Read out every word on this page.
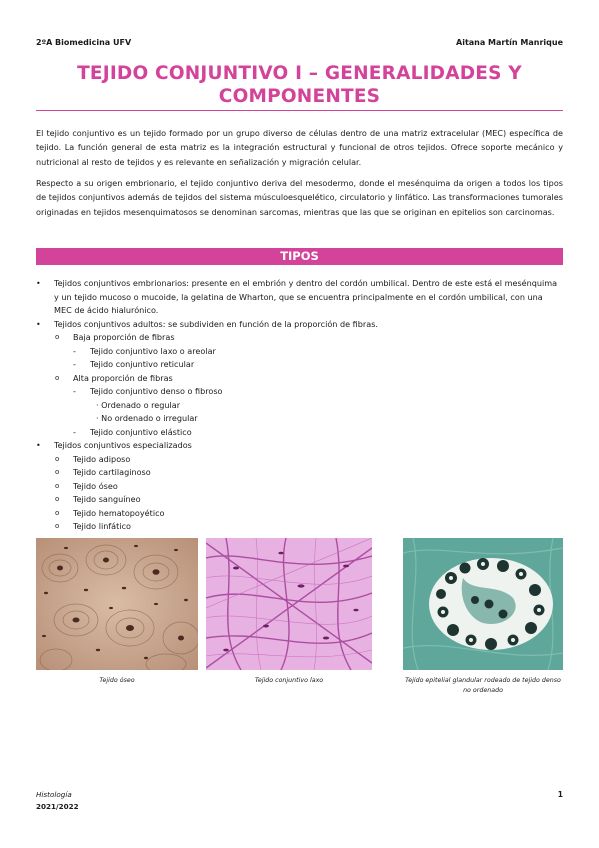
2ºA Biomedicina UFV	Aitana Martín Manrique
TEJIDO CONJUNTIVO I – GENERALIDADES Y COMPONENTES

El tejido conjuntivo es un tejido formado por un grupo diverso de células dentro de una matriz extracelular (MEC) específica de tejido. La función general de esta matriz es la integración estructural y funcional de otros tejidos. Ofrece soporte mecánico y nutricional al resto de tejidos y es relevante en señalización y migración celular.

Respecto a su origen embrionario, el tejido conjuntivo deriva del mesodermo, donde el mesénquima da origen a todos los tipos de tejidos conjuntivos además de tejidos del sistema músculoesquelético, circulatorio y linfático. Las transformaciones tumorales originadas en tejidos mesenquimatosos se denominan sarcomas, mientras que las que se originan en epitelios son carcinomas.

TIPOS
• Tejidos conjuntivos embrionarios: presente en el embrión y dentro del cordón umbilical. Dentro de este está el mesénquima y un tejido mucoso o mucoide, la gelatina de Wharton, que se encuentra principalmente en el cordón umbilical, con una MEC de ácido hialurónico.
• Tejidos conjuntivos adultos: se subdividen en función de la proporción de fibras.
o Baja proporción de fibras
- Tejido conjuntivo laxo o areolar
- Tejido conjuntivo reticular
o Alta proporción de fibras
- Tejido conjuntivo denso o fibroso
· Ordenado o regular
· No ordenado o irregular
- Tejido conjuntivo elástico
• Tejidos conjuntivos especializados
o Tejido adiposo
o Tejido cartilaginoso
o Tejido óseo
o Tejido sanguíneo
o Tejido hematopoyético
o Tejido linfático
Tejido óseo	Tejido conjuntivo laxo	Tejido epitelial glandular rodeado de tejido denso no ordenado
Histología
2021/2022
1
